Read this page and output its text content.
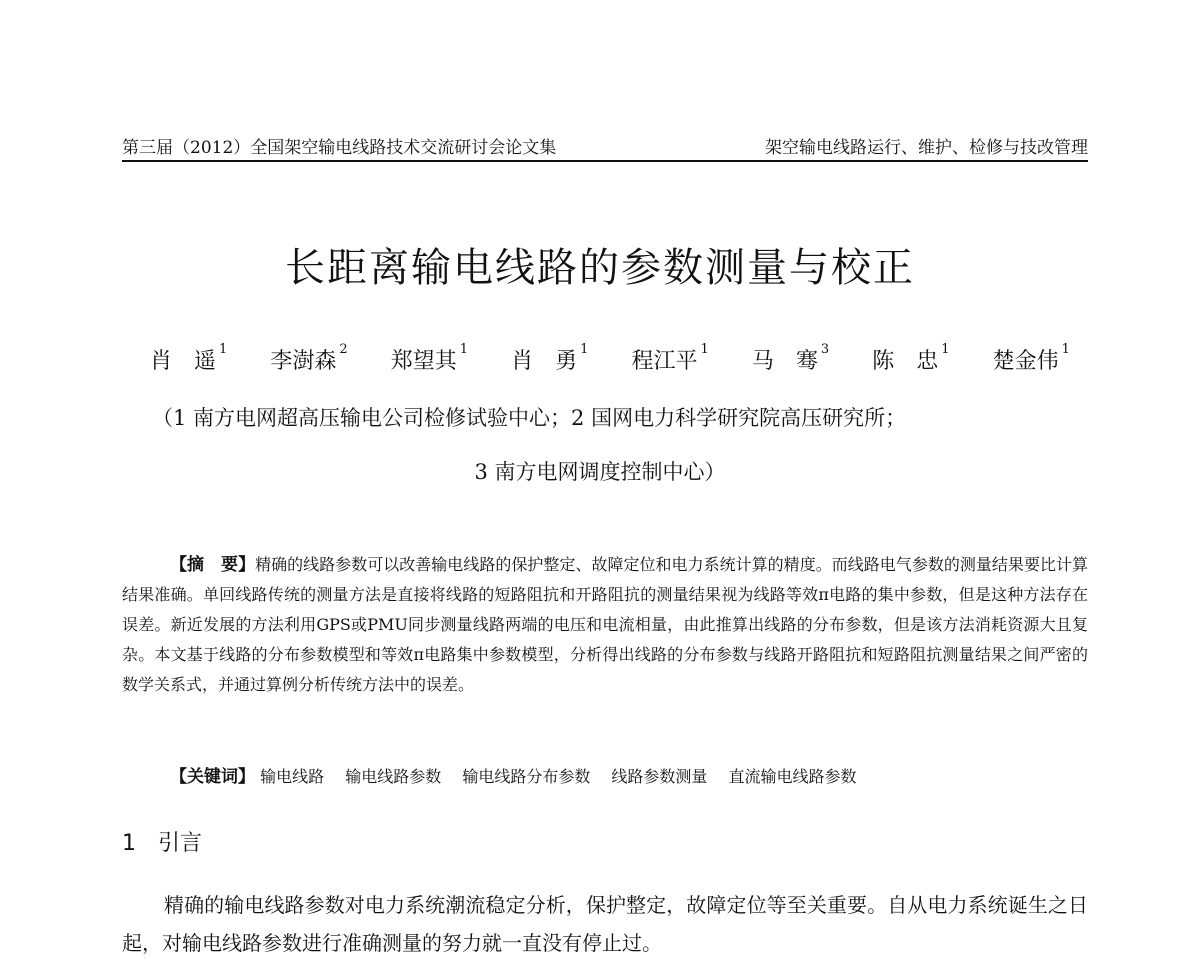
第三届（2012）全国架空输电线路技术交流研讨会论文集	架空输电线路运行、维护、检修与技改管理
长距离输电线路的参数测量与校正
肖　遥 $^1$ 李澍森 $^2$ 郑望其 $^1$ 肖　勇 $^1$ 程江平 $^1$ 马　骞 $^3$ 陈　忠 $^1$ 楚金伟 $^1$
（1 南方电网超高压输电公司检修试验中心；2 国网电力科学研究院高压研究所；
3 南方电网调度控制中心）
【摘　要】精确的线路参数可以改善输电线路的保护整定、故障定位和电力系统计算的精度。而线路电气参数的测量结果要比计算结果准确。单回线路传统的测量方法是直接将线路的短路阻抗和开路阻抗的测量结果视为线路等效π电路的集中参数，但是这种方法存在误差。新近发展的方法利用GPS或PMU同步测量线路两端的电压和电流相量，由此推算出线路的分布参数，但是该方法消耗资源大且复杂。本文基于线路的分布参数模型和等效π电路集中参数模型，分析得出线路的分布参数与线路开路阻抗和短路阻抗测量结果之间严密的数学关系式，并通过算例分析传统方法中的误差。
【关键词】 输电线路 输电线路参数 输电线路分布参数 线路参数测量 直流输电线路参数
1 引言
精确的输电线路参数对电力系统潮流稳定分析，保护整定，故障定位等至关重要。自从电力系统诞生之日起，对输电线路参数进行准确测量的努力就一直没有停止过。
